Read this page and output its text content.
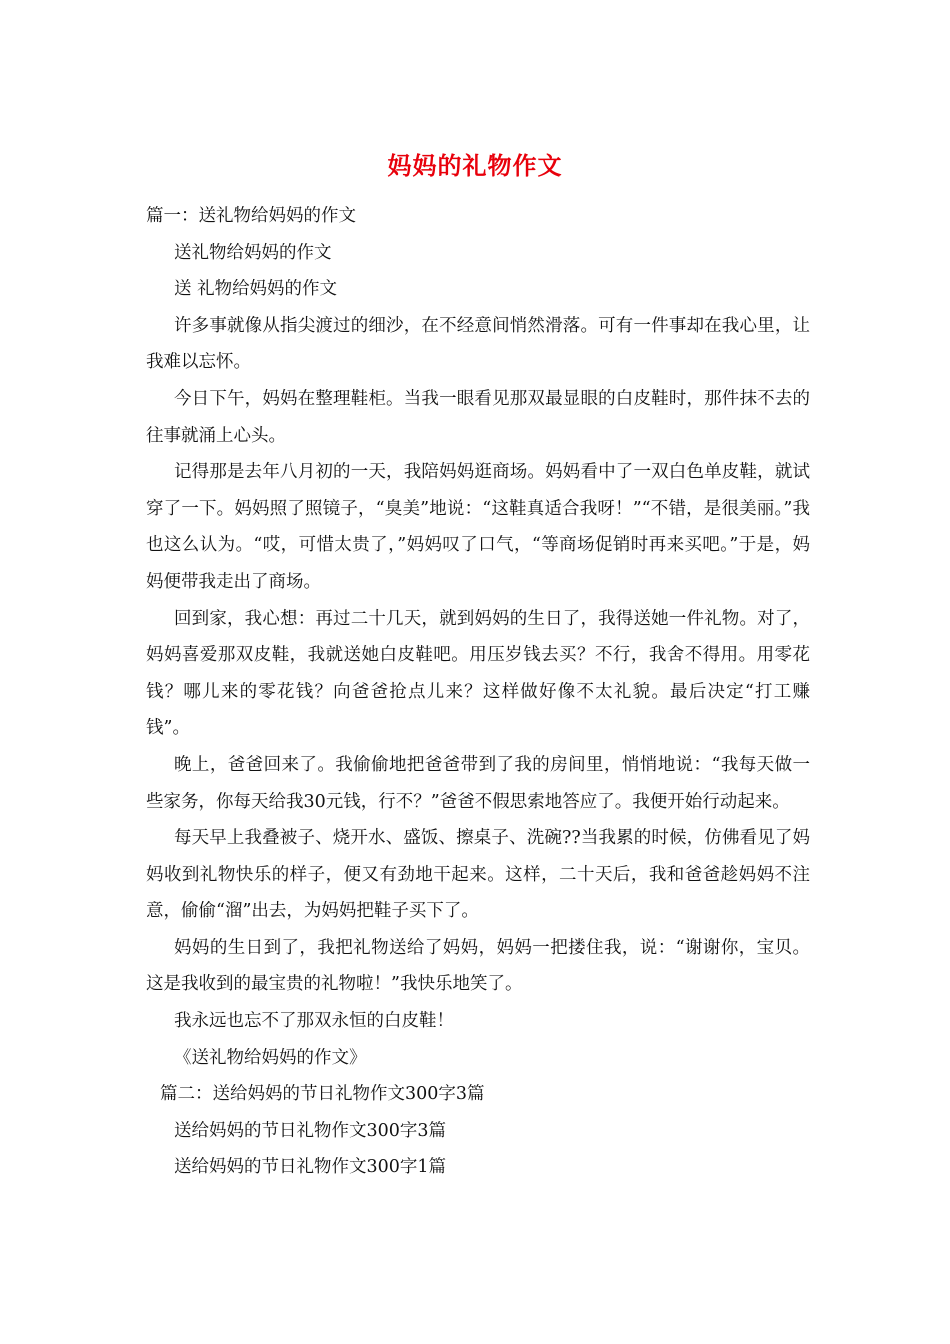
妈妈的礼物作文

篇一：送礼物给妈妈的作文

送礼物给妈妈的作文

送 礼物给妈妈的作文

许多事就像从指尖渡过的细沙，在不经意间悄然滑落。可有一件事却在我心里，让我难以忘怀。

今日下午，妈妈在整理鞋柜。当我一眼看见那双最显眼的白皮鞋时，那件抹不去的往事就涌上心头。

记得那是去年八月初的一天，我陪妈妈逛商场。妈妈看中了一双白色单皮鞋，就试穿了一下。妈妈照了照镜子，“臭美”地说：“这鞋真适合我呀！”“不错，是很美丽。”我也这么认为。“哎，可惜太贵了，”妈妈叹了口气，“等商场促销时再来买吧。”于是，妈妈便带我走出了商场。

回到家，我心想：再过二十几天，就到妈妈的生日了，我得送她一件礼物。对了，妈妈喜爱那双皮鞋，我就送她白皮鞋吧。用压岁钱去买？不行，我舍不得用。用零花钱？哪儿来的零花钱？向爸爸抢点儿来？这样做好像不太礼貌。最后决定“打工赚钱”。

晚上，爸爸回来了。我偷偷地把爸爸带到了我的房间里，悄悄地说：“我每天做一些家务，你每天给我30元钱，行不？”爸爸不假思索地答应了。我便开始行动起来。

每天早上我叠被子、烧开水、盛饭、擦桌子、洗碗??当我累的时候，仿佛看见了妈妈收到礼物快乐的样子，便又有劲地干起来。这样，二十天后，我和爸爸趁妈妈不注意，偷偷“溜”出去，为妈妈把鞋子买下了。

妈妈的生日到了，我把礼物送给了妈妈，妈妈一把搂住我，说：“谢谢你，宝贝。这是我收到的最宝贵的礼物啦！”我快乐地笑了。

我永远也忘不了那双永恒的白皮鞋！

《送礼物给妈妈的作文》

篇二：送给妈妈的节日礼物作文300字3篇

送给妈妈的节日礼物作文300字3篇

送给妈妈的节日礼物作文300字1篇
